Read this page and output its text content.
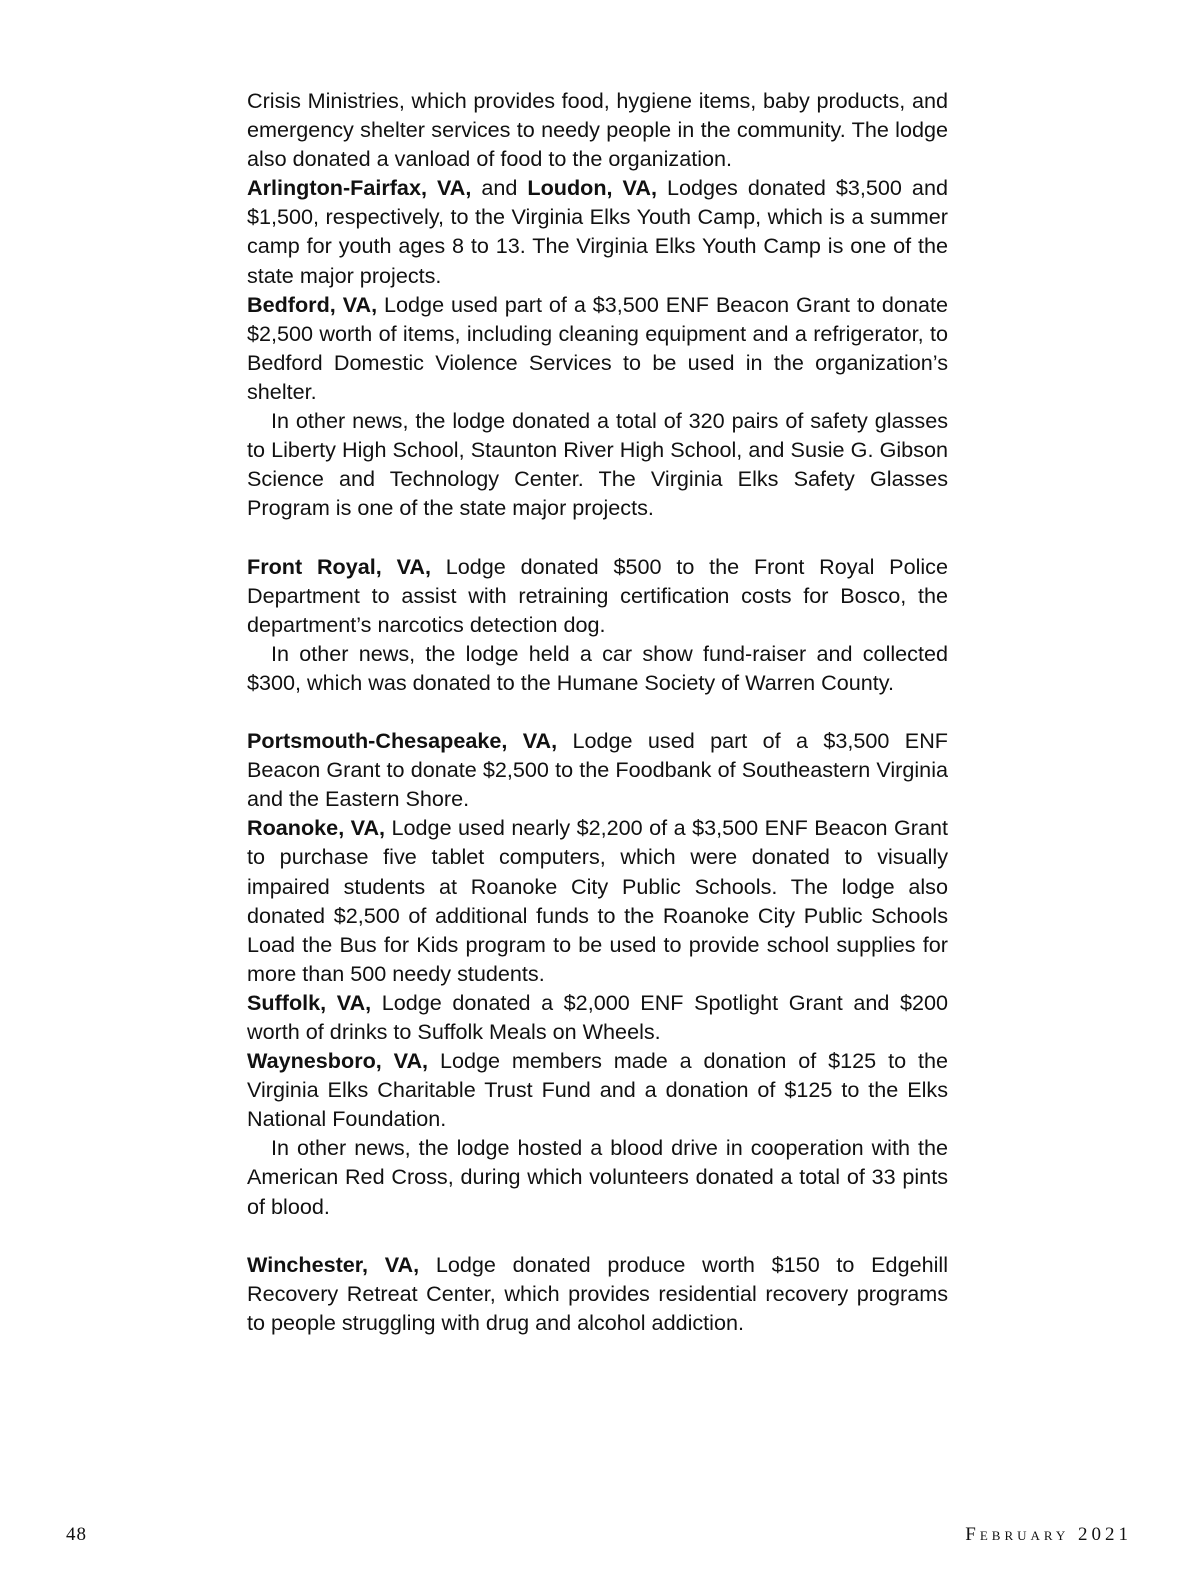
Crisis Ministries, which provides food, hygiene items, baby products, and emergency shelter services to needy people in the community. The lodge also donated a vanload of food to the organization.

Arlington-Fairfax, VA, and Loudon, VA, Lodges donated $3,500 and $1,500, respectively, to the Virginia Elks Youth Camp, which is a summer camp for youth ages 8 to 13. The Virginia Elks Youth Camp is one of the state major projects.

Bedford, VA, Lodge used part of a $3,500 ENF Beacon Grant to donate $2,500 worth of items, including cleaning equipment and a refrigerator, to Bedford Domestic Violence Services to be used in the organization’s shelter.

In other news, the lodge donated a total of 320 pairs of safety glasses to Liberty High School, Staunton River High School, and Susie G. Gibson Science and Technology Center. The Virginia Elks Safety Glasses Program is one of the state major projects.

Front Royal, VA, Lodge donated $500 to the Front Royal Police Department to assist with retraining certification costs for Bosco, the department’s narcotics detection dog.

In other news, the lodge held a car show fund-raiser and collected $300, which was donated to the Humane Society of Warren County.

Portsmouth-Chesapeake, VA, Lodge used part of a $3,500 ENF Beacon Grant to donate $2,500 to the Foodbank of Southeastern Virginia and the Eastern Shore.

Roanoke, VA, Lodge used nearly $2,200 of a $3,500 ENF Beacon Grant to purchase five tablet computers, which were donated to visually impaired students at Roanoke City Public Schools. The lodge also donated $2,500 of additional funds to the Roanoke City Public Schools Load the Bus for Kids program to be used to provide school supplies for more than 500 needy students.

Suffolk, VA, Lodge donated a $2,000 ENF Spotlight Grant and $200 worth of drinks to Suffolk Meals on Wheels.

Waynesboro, VA, Lodge members made a donation of $125 to the Virginia Elks Charitable Trust Fund and a donation of $125 to the Elks National Foundation.

In other news, the lodge hosted a blood drive in cooperation with the American Red Cross, during which volunteers donated a total of 33 pints of blood.

Winchester, VA, Lodge donated produce worth $150 to Edgehill Recovery Retreat Center, which provides residential recovery programs to people struggling with drug and alcohol addiction.

48	February 2021
